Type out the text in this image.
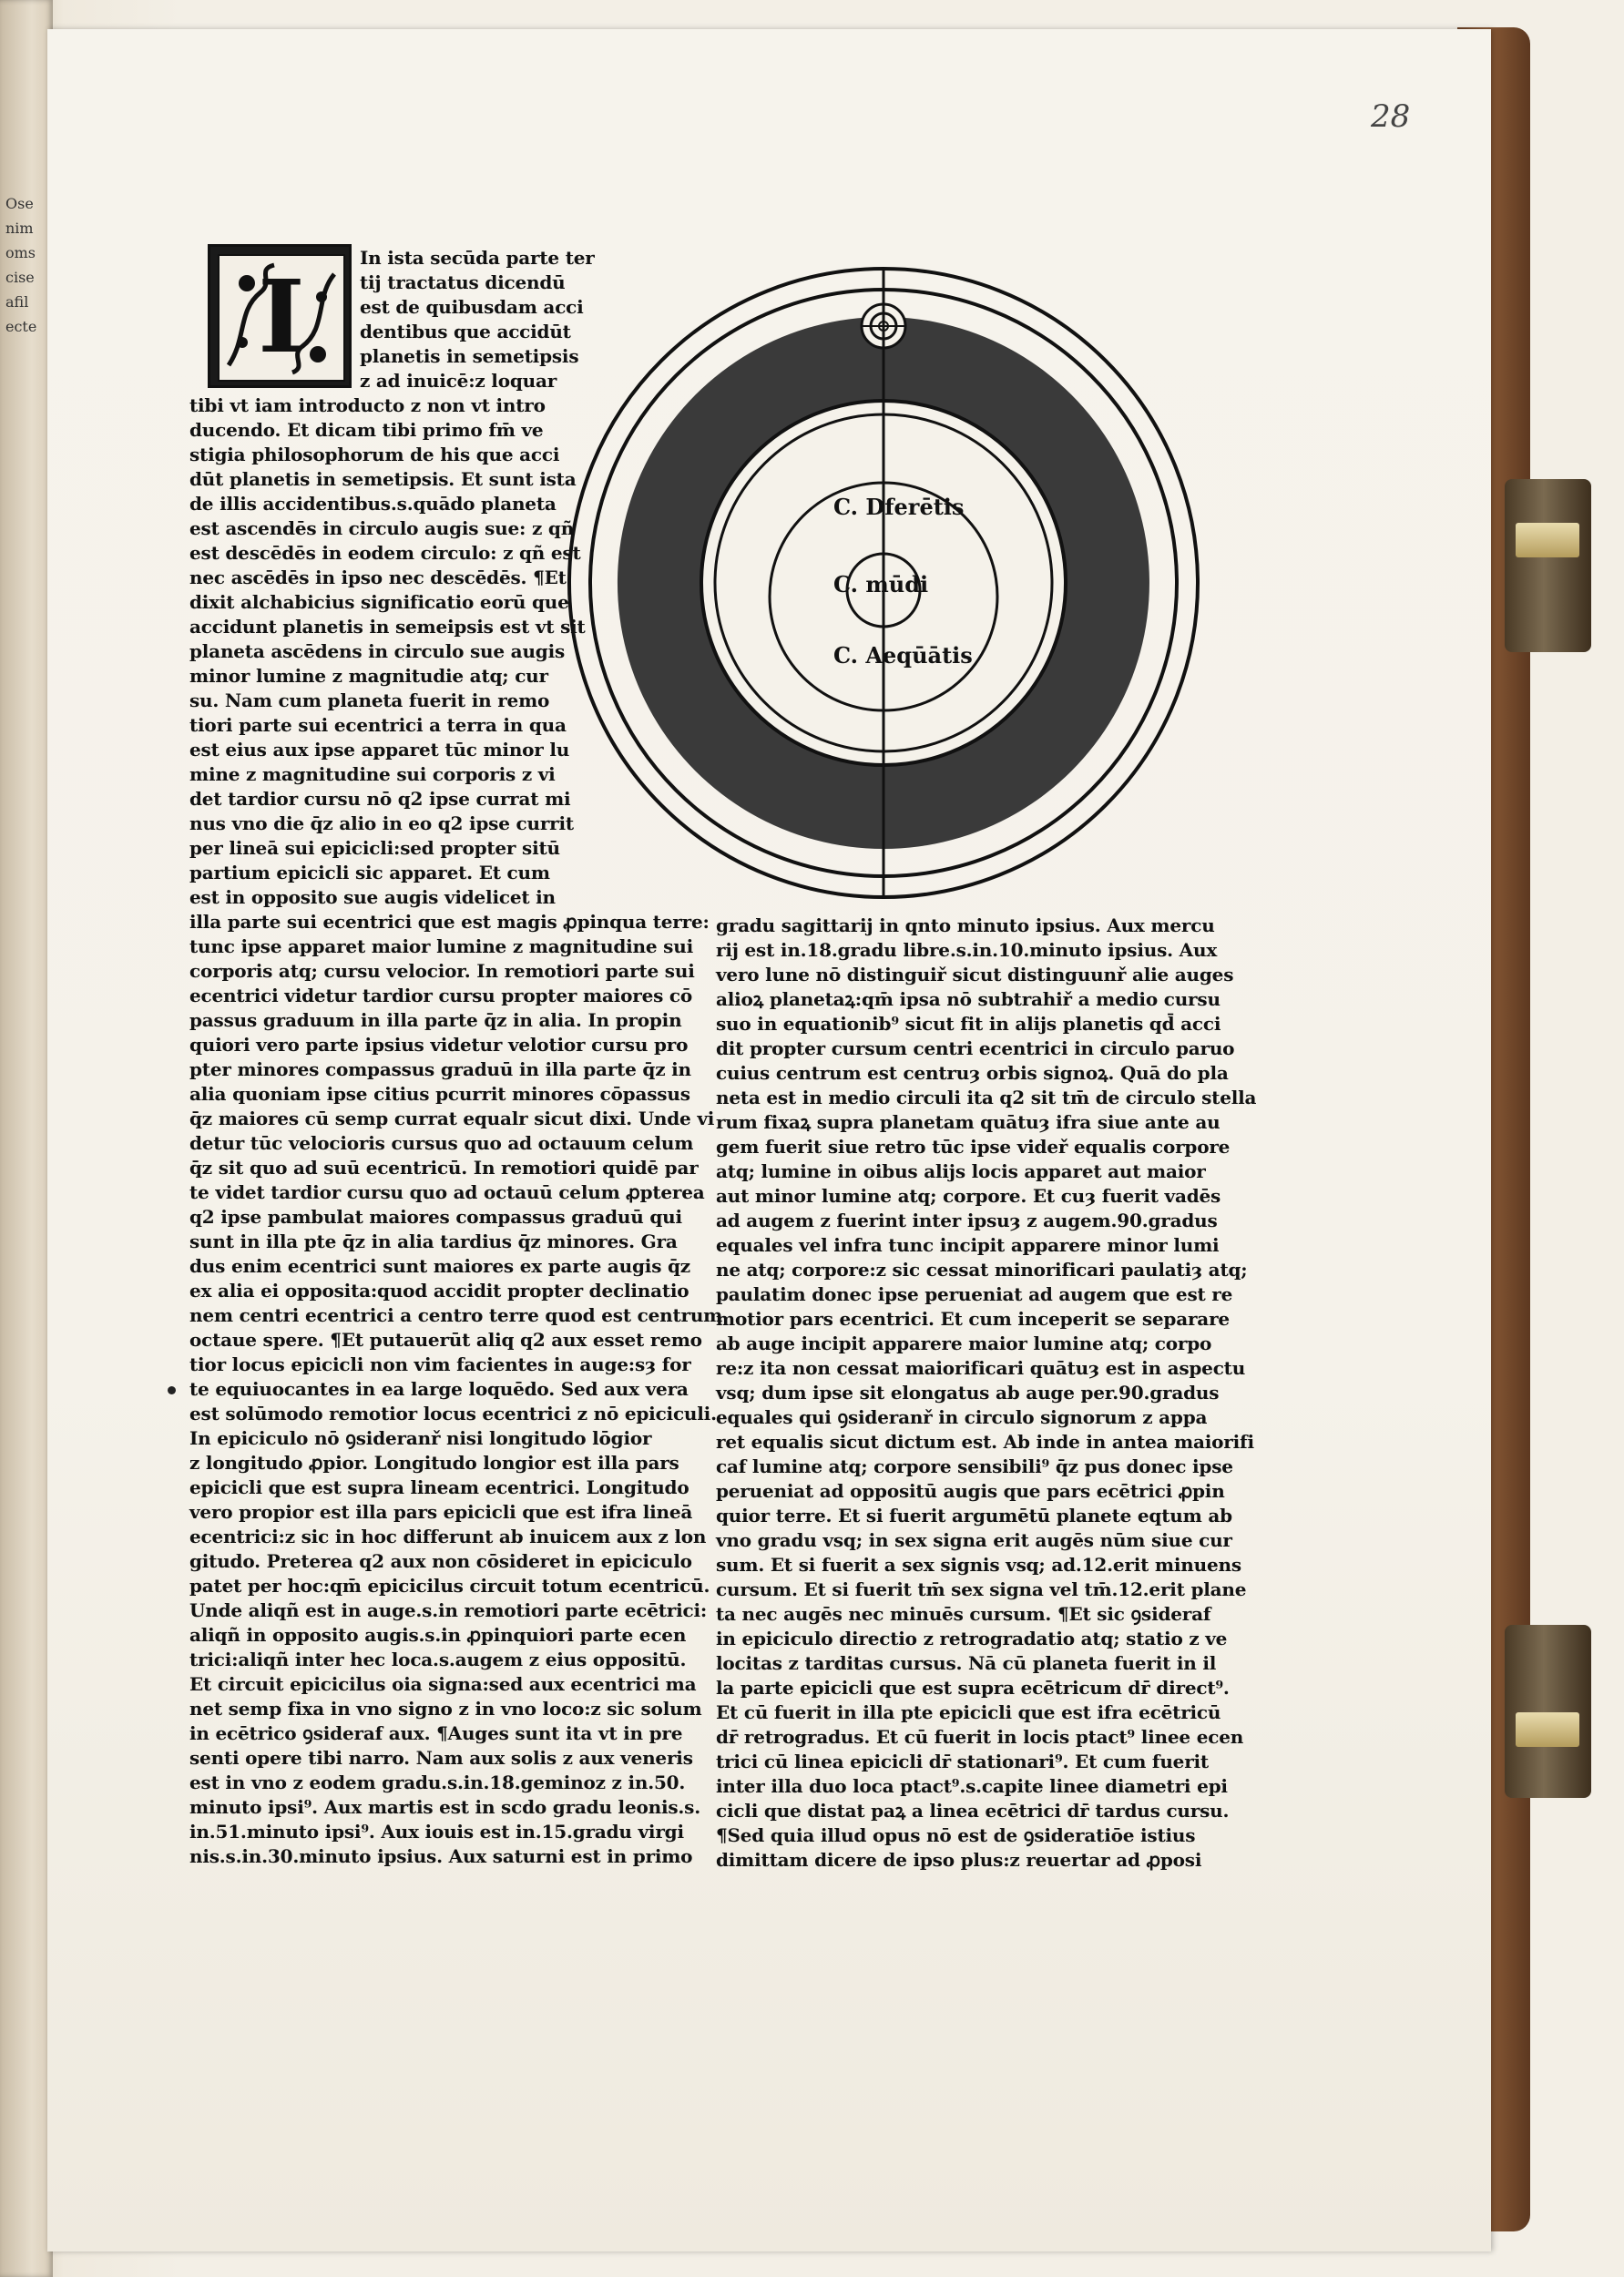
Ose
nim
oms
cise
afil
ecte
28
I	In ista secūda parte ter
tij tractatus dicendū
est de quibusdam acci
dentibus que accidūt
planetis in semetipsis
z ad inuicē:z loquar
tibi vt iam introducto z non vt intro
ducendo. Et dicam tibi primo fm̄ ve
stigia philosophorum de his que acci
dūt planetis in semetipsis. Et sunt ista
de illis accidentibus.s.quādo planeta
est ascendēs in circulo augis sue: z qñ
est descēdēs in eodem circulo: z qñ est
nec ascēdēs in ipso nec descēdēs. ¶Et
dixit alchabicius significatio eorū que
accidunt planetis in semeipsis est vt sit
planeta ascēdens in circulo sue augis
minor lumine z magnitudie atq; cur
su. Nam cum planeta fuerit in remo
tiori parte sui ecentrici a terra in qua
est eius aux ipse apparet tūc minor lu
mine z magnitudine sui corporis z vi
det tardior cursu nō q2 ipse currat mi
nus vno die q̄z alio in eo q2 ipse currit
per lineā sui epicicli:sed propter sitū
partium epicicli sic apparet. Et cum
est in opposito sue augis videlicet in
illa parte sui ecentrici que est magis ꝓpinqua terre:
tunc ipse apparet maior lumine z magnitudine sui
corporis atq; cursu velocior. In remotiori parte sui
ecentrici videtur tardior cursu propter maiores cō
passus graduum in illa parte q̄z in alia. In propin
quiori vero parte ipsius videtur velotior cursu pro
pter minores compassus graduū in illa parte q̄z in
alia quoniam ipse citius pcurrit minores cōpassus
q̄z maiores cū semp currat equalr sicut dixi. Unde vi
detur tūc velocioris cursus quo ad octauum celum
q̄z sit quo ad suū ecentricū. In remotiori quidē par
te videt tardior cursu quo ad octauū celum ꝓpterea
q2 ipse pambulat maiores compassus graduū qui
sunt in illa pte q̄z in alia tardius q̄z minores. Gra
dus enim ecentrici sunt maiores ex parte augis q̄z
ex alia ei opposita:quod accidit propter declinatio
nem centri ecentrici a centro terre quod est centrum
octaue spere. ¶Et putauerūt aliq q2 aux esset remo
tior locus epicicli non vim facientes in auge:sȝ for
te equiuocantes in ea large loquēdo. Sed aux vera
est solūmodo remotior locus ecentrici z nō epiciculi.
In epiciculo nō ꝯsideranř nisi longitudo lōgior
z longitudo ꝓpior. Longitudo longior est illa pars
epicicli que est supra lineam ecentrici. Longitudo
vero propior est illa pars epicicli que est ifra lineā
ecentrici:z sic in hoc differunt ab inuicem aux z lon
gitudo. Preterea q2 aux non cōsideret in epiciculo
patet per hoc:qm̄ epicicilus circuit totum ecentricū.
Unde aliqñ est in auge.s.in remotiori parte ecētrici:
aliqñ in opposito augis.s.in ꝓpinquiori parte ecen
trici:aliqñ inter hec loca.s.augem z eius oppositū.
Et circuit epicicilus oia signa:sed aux ecentrici ma
net semp fixa in vno signo z in vno loco:z sic solum
in ecētrico ꝯsideraf aux. ¶Auges sunt ita vt in pre
senti opere tibi narro. Nam aux solis z aux veneris
est in vno z eodem gradu.s.in.18.geminoz z in.50.
minuto ipsi⁹. Aux martis est in scdo gradu leonis.s.
in.51.minuto ipsi⁹. Aux iouis est in.15.gradu virgi
nis.s.in.30.minuto ipsius. Aux saturni est in primo
gradu sagittarij in qnto minuto ipsius. Aux mercu
rij est in.18.gradu libre.s.in.10.minuto ipsius. Aux
vero lune nō distinguiř sicut distinguunř alie auges
alioꝝ planetaꝝ:qm̄ ipsa nō subtrahiř a medio cursu
suo in equationib⁹ sicut fit in alijs planetis qd̄ acci
dit propter cursum centri ecentrici in circulo paruo
cuius centrum est centruȝ orbis signoꝝ. Quā do pla
neta est in medio circuli ita q2 sit tm̄ de circulo stella
rum fixaꝝ supra planetam quātuȝ ifra siue ante au
gem fuerit siue retro tūc ipse videř equalis corpore
atq; lumine in oibus alijs locis apparet aut maior
aut minor lumine atq; corpore. Et cuȝ fuerit vadēs
ad augem z fuerint inter ipsuȝ z augem.90.gradus
equales vel infra tunc incipit apparere minor lumi
ne atq; corpore:z sic cessat minorificari paulatiȝ atq;
paulatim donec ipse perueniat ad augem que est re
motior pars ecentrici. Et cum inceperit se separare
ab auge incipit apparere maior lumine atq; corpo
re:z ita non cessat maiorificari quātuȝ est in aspectu
vsq; dum ipse sit elongatus ab auge per.90.gradus
equales qui ꝯsideranř in circulo signorum z appa
ret equalis sicut dictum est. Ab inde in antea maiorifi
caf lumine atq; corpore sensibili⁹ q̄z pus donec ipse
perueniat ad oppositū augis que pars ecētrici ꝓpin
quior terre. Et si fuerit argumētū planete eqtum ab
vno gradu vsq; in sex signa erit augēs nūm siue cur
sum. Et si fuerit a sex signis vsq; ad.12.erit minuens
cursum. Et si fuerit tm̄ sex signa vel tm̄.12.erit plane
ta nec augēs nec minuēs cursum. ¶Et sic ꝯsideraf
in epiciculo directio z retrogradatio atq; statio z ve
locitas z tarditas cursus. Nā cū planeta fuerit in il
la parte epicicli que est supra ecētricum dr̄ direct⁹.
Et cū fuerit in illa pte epicicli que est ifra ecētricū
dr̄ retrogradus. Et cū fuerit in locis ptact⁹ linee ecen
trici cū linea epicicli dr̄ stationari⁹. Et cum fuerit
inter illa duo loca ptact⁹.s.capite linee diametri epi
cicli que distat paꝝ a linea ecētrici dr̄ tardus cursu.
¶Sed quia illud opus nō est de ꝯsideratiōe istius
dimittam dicere de ipso plus:z reuertar ad ꝓposi
C. Dferētis
C. mūdi
C. Aeqūātis
